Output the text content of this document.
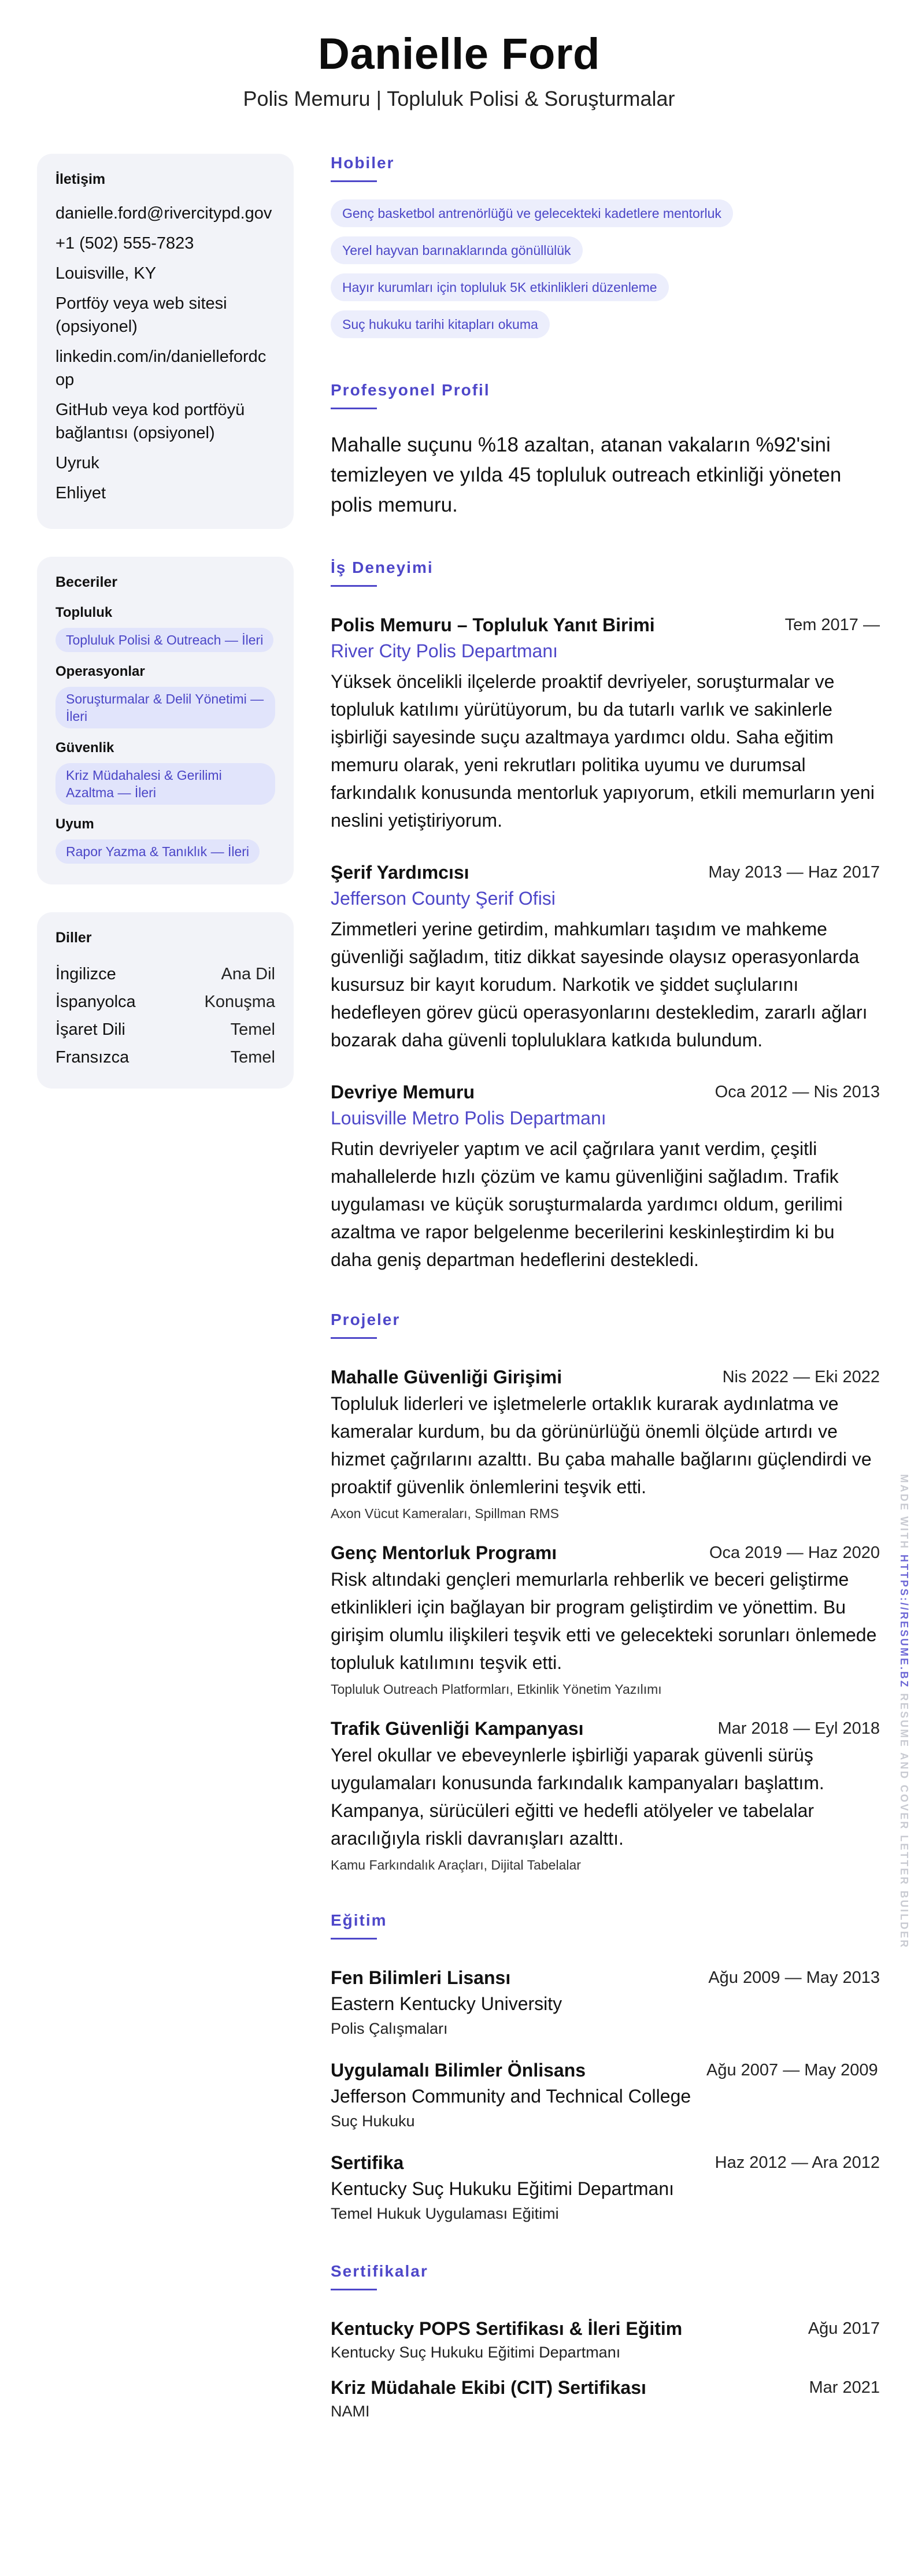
Danielle Ford
Polis Memuru | Topluluk Polisi & Soruşturmalar
İletişim
danielle.ford@rivercitypd.gov
+1 (502) 555-7823
Louisville, KY
Portföy veya web sitesi (opsiyonel)
linkedin.com/in/daniellefordcop
GitHub veya kod portföyü bağlantısı (opsiyonel)
Uyruk
Ehliyet
Beceriler
Topluluk
Topluluk Polisi & Outreach — İleri
Operasyonlar
Soruşturmalar & Delil Yönetimi — İleri
Güvenlik
Kriz Müdahalesi & Gerilimi Azaltma — İleri
Uyum
Rapor Yazma & Tanıklık — İleri
Diller
İngilizce	Ana Dil
İspanyolca	Konuşma
İşaret Dili	Temel
Fransızca	Temel
Hobiler
Genç basketbol antrenörlüğü ve gelecekteki kadetlere mentorluk
Yerel hayvan barınaklarında gönüllülük
Hayır kurumları için topluluk 5K etkinlikleri düzenleme
Suç hukuku tarihi kitapları okuma
Profesyonel Profil
Mahalle suçunu %18 azaltan, atanan vakaların %92'sini temizleyen ve yılda 45 topluluk outreach etkinliği yöneten polis memuru.
İş Deneyimi
Polis Memuru – Topluluk Yanıt Birimi	Tem 2017 —
River City Polis Departmanı
Yüksek öncelikli ilçelerde proaktif devriyeler, soruşturmalar ve topluluk katılımı yürütüyorum, bu da tutarlı varlık ve sakinlerle işbirliği sayesinde suçu azaltmaya yardımcı oldu. Saha eğitim memuru olarak, yeni rekrutları politika uyumu ve durumsal farkındalık konusunda mentorluk yapıyorum, etkili memurların yeni neslini yetiştiriyorum.
Şerif Yardımcısı	May 2013 — Haz 2017
Jefferson County Şerif Ofisi
Zimmetleri yerine getirdim, mahkumları taşıdım ve mahkeme güvenliği sağladım, titiz dikkat sayesinde olaysız operasyonlarda kusursuz bir kayıt korudum. Narkotik ve şiddet suçlularını hedefleyen görev gücü operasyonlarını destekledim, zararlı ağları bozarak daha güvenli topluluklara katkıda bulundum.
Devriye Memuru	Oca 2012 — Nis 2013
Louisville Metro Polis Departmanı
Rutin devriyeler yaptım ve acil çağrılara yanıt verdim, çeşitli mahallelerde hızlı çözüm ve kamu güvenliğini sağladım. Trafik uygulaması ve küçük soruşturmalarda yardımcı oldum, gerilimi azaltma ve rapor belgelenme becerilerini keskinleştirdim ki bu daha geniş departman hedeflerini destekledi.
Projeler
Mahalle Güvenliği Girişimi	Nis 2022 — Eki 2022
Topluluk liderleri ve işletmelerle ortaklık kurarak aydınlatma ve kameralar kurdum, bu da görünürlüğü önemli ölçüde artırdı ve hizmet çağrılarını azalttı. Bu çaba mahalle bağlarını güçlendirdi ve proaktif güvenlik önlemlerini teşvik etti.
Axon Vücut Kameraları, Spillman RMS
Genç Mentorluk Programı	Oca 2019 — Haz 2020
Risk altındaki gençleri memurlarla rehberlik ve beceri geliştirme etkinlikleri için bağlayan bir program geliştirdim ve yönettim. Bu girişim olumlu ilişkileri teşvik etti ve gelecekteki sorunları önlemede topluluk katılımını teşvik etti.
Topluluk Outreach Platformları, Etkinlik Yönetim Yazılımı
Trafik Güvenliği Kampanyası	Mar 2018 — Eyl 2018
Yerel okullar ve ebeveynlerle işbirliği yaparak güvenli sürüş uygulamaları konusunda farkındalık kampanyaları başlattım. Kampanya, sürücüleri eğitti ve hedefli atölyeler ve tabelalar aracılığıyla riskli davranışları azalttı.
Kamu Farkındalık Araçları, Dijital Tabelalar
Eğitim
Fen Bilimleri Lisansı	Ağu 2009 — May 2013
Eastern Kentucky University
Polis Çalışmaları
Uygulamalı Bilimler Önlisans	Ağu 2007 — May 2009
Jefferson Community and Technical College
Suç Hukuku
Sertifika	Haz 2012 — Ara 2012
Kentucky Suç Hukuku Eğitimi Departmanı
Temel Hukuk Uygulaması Eğitimi
Sertifikalar
Kentucky POPS Sertifikası & İleri Eğitim	Ağu 2017
Kentucky Suç Hukuku Eğitimi Departmanı
Kriz Müdahale Ekibi (CIT) Sertifikası	Mar 2021
NAMI
MADE WITH HTTPS://RESUME.BZ RESUME AND COVER LETTER BUILDER
